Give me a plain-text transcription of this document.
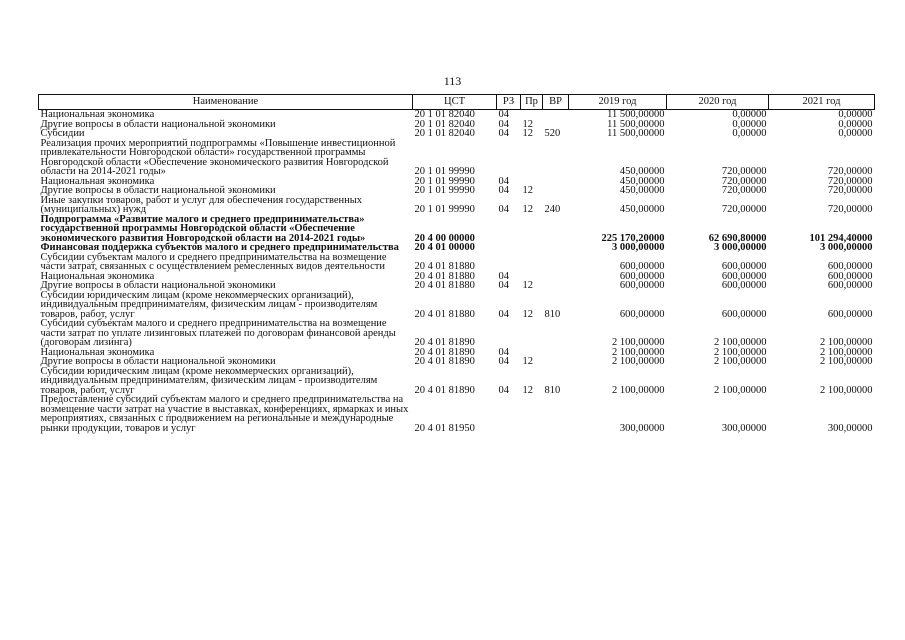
113
Наименование	ЦСТ	РЗ	Пр	ВР	2019 год	2020 год	2021 год
Национальная экономика	20 1 01 82040	04			11 500,00000	0,00000	0,00000
Другие вопросы в области национальной экономики	20 1 01 82040	04	12		11 500,00000	0,00000	0,00000
Субсидии	20 1 01 82040	04	12	520	11 500,00000	0,00000	0,00000
Реализация прочих мероприятий подпрограммы «Повышение инвестиционной привлекательности Новгородской области» государственной программы Новгородской области «Обеспечение экономического развития Новгородской области на 2014-2021 годы»	20 1 01 99990				450,00000	720,00000	720,00000
Национальная экономика	20 1 01 99990	04			450,00000	720,00000	720,00000
Другие вопросы в области национальной экономики	20 1 01 99990	04	12		450,00000	720,00000	720,00000
Иные закупки товаров, работ и услуг для обеспечения государственных (муниципальных) нужд	20 1 01 99990	04	12	240	450,00000	720,00000	720,00000
Подпрограмма «Развитие малого и среднего предпринимательства» государственной программы Новгородской области «Обеспечение экономического развития Новгородской области на 2014-2021 годы»	20 4 00 00000				225 170,20000	62 690,80000	101 294,40000
Финансовая поддержка субъектов малого и среднего предпринимательства	20 4 01 00000				3 000,00000	3 000,00000	3 000,00000
Субсидии субъектам малого и среднего предпринимательства на возмещение части затрат, связанных с осуществлением ремесленных видов деятельности	20 4 01 81880				600,00000	600,00000	600,00000
Национальная экономика	20 4 01 81880	04			600,00000	600,00000	600,00000
Другие вопросы в области национальной экономики	20 4 01 81880	04	12		600,00000	600,00000	600,00000
Субсидии юридическим лицам (кроме некоммерческих организаций), индивидуальным предпринимателям, физическим лицам - производителям товаров, работ, услуг	20 4 01 81880	04	12	810	600,00000	600,00000	600,00000
Субсидии субъектам малого и среднего предпринимательства на возмещение части затрат по уплате лизинговых платежей по договорам финансовой аренды (договорам лизинга)	20 4 01 81890				2 100,00000	2 100,00000	2 100,00000
Национальная экономика	20 4 01 81890	04			2 100,00000	2 100,00000	2 100,00000
Другие вопросы в области национальной экономики	20 4 01 81890	04	12		2 100,00000	2 100,00000	2 100,00000
Субсидии юридическим лицам (кроме некоммерческих организаций), индивидуальным предпринимателям, физическим лицам - производителям товаров, работ, услуг	20 4 01 81890	04	12	810	2 100,00000	2 100,00000	2 100,00000
Предоставление субсидий субъектам малого и среднего предпринимательства на возмещение части затрат на участие в выставках, конференциях, ярмарках и иных мероприятиях, связанных с продвижением на региональные и международные рынки продукции, товаров и услуг	20 4 01 81950				300,00000	300,00000	300,00000
